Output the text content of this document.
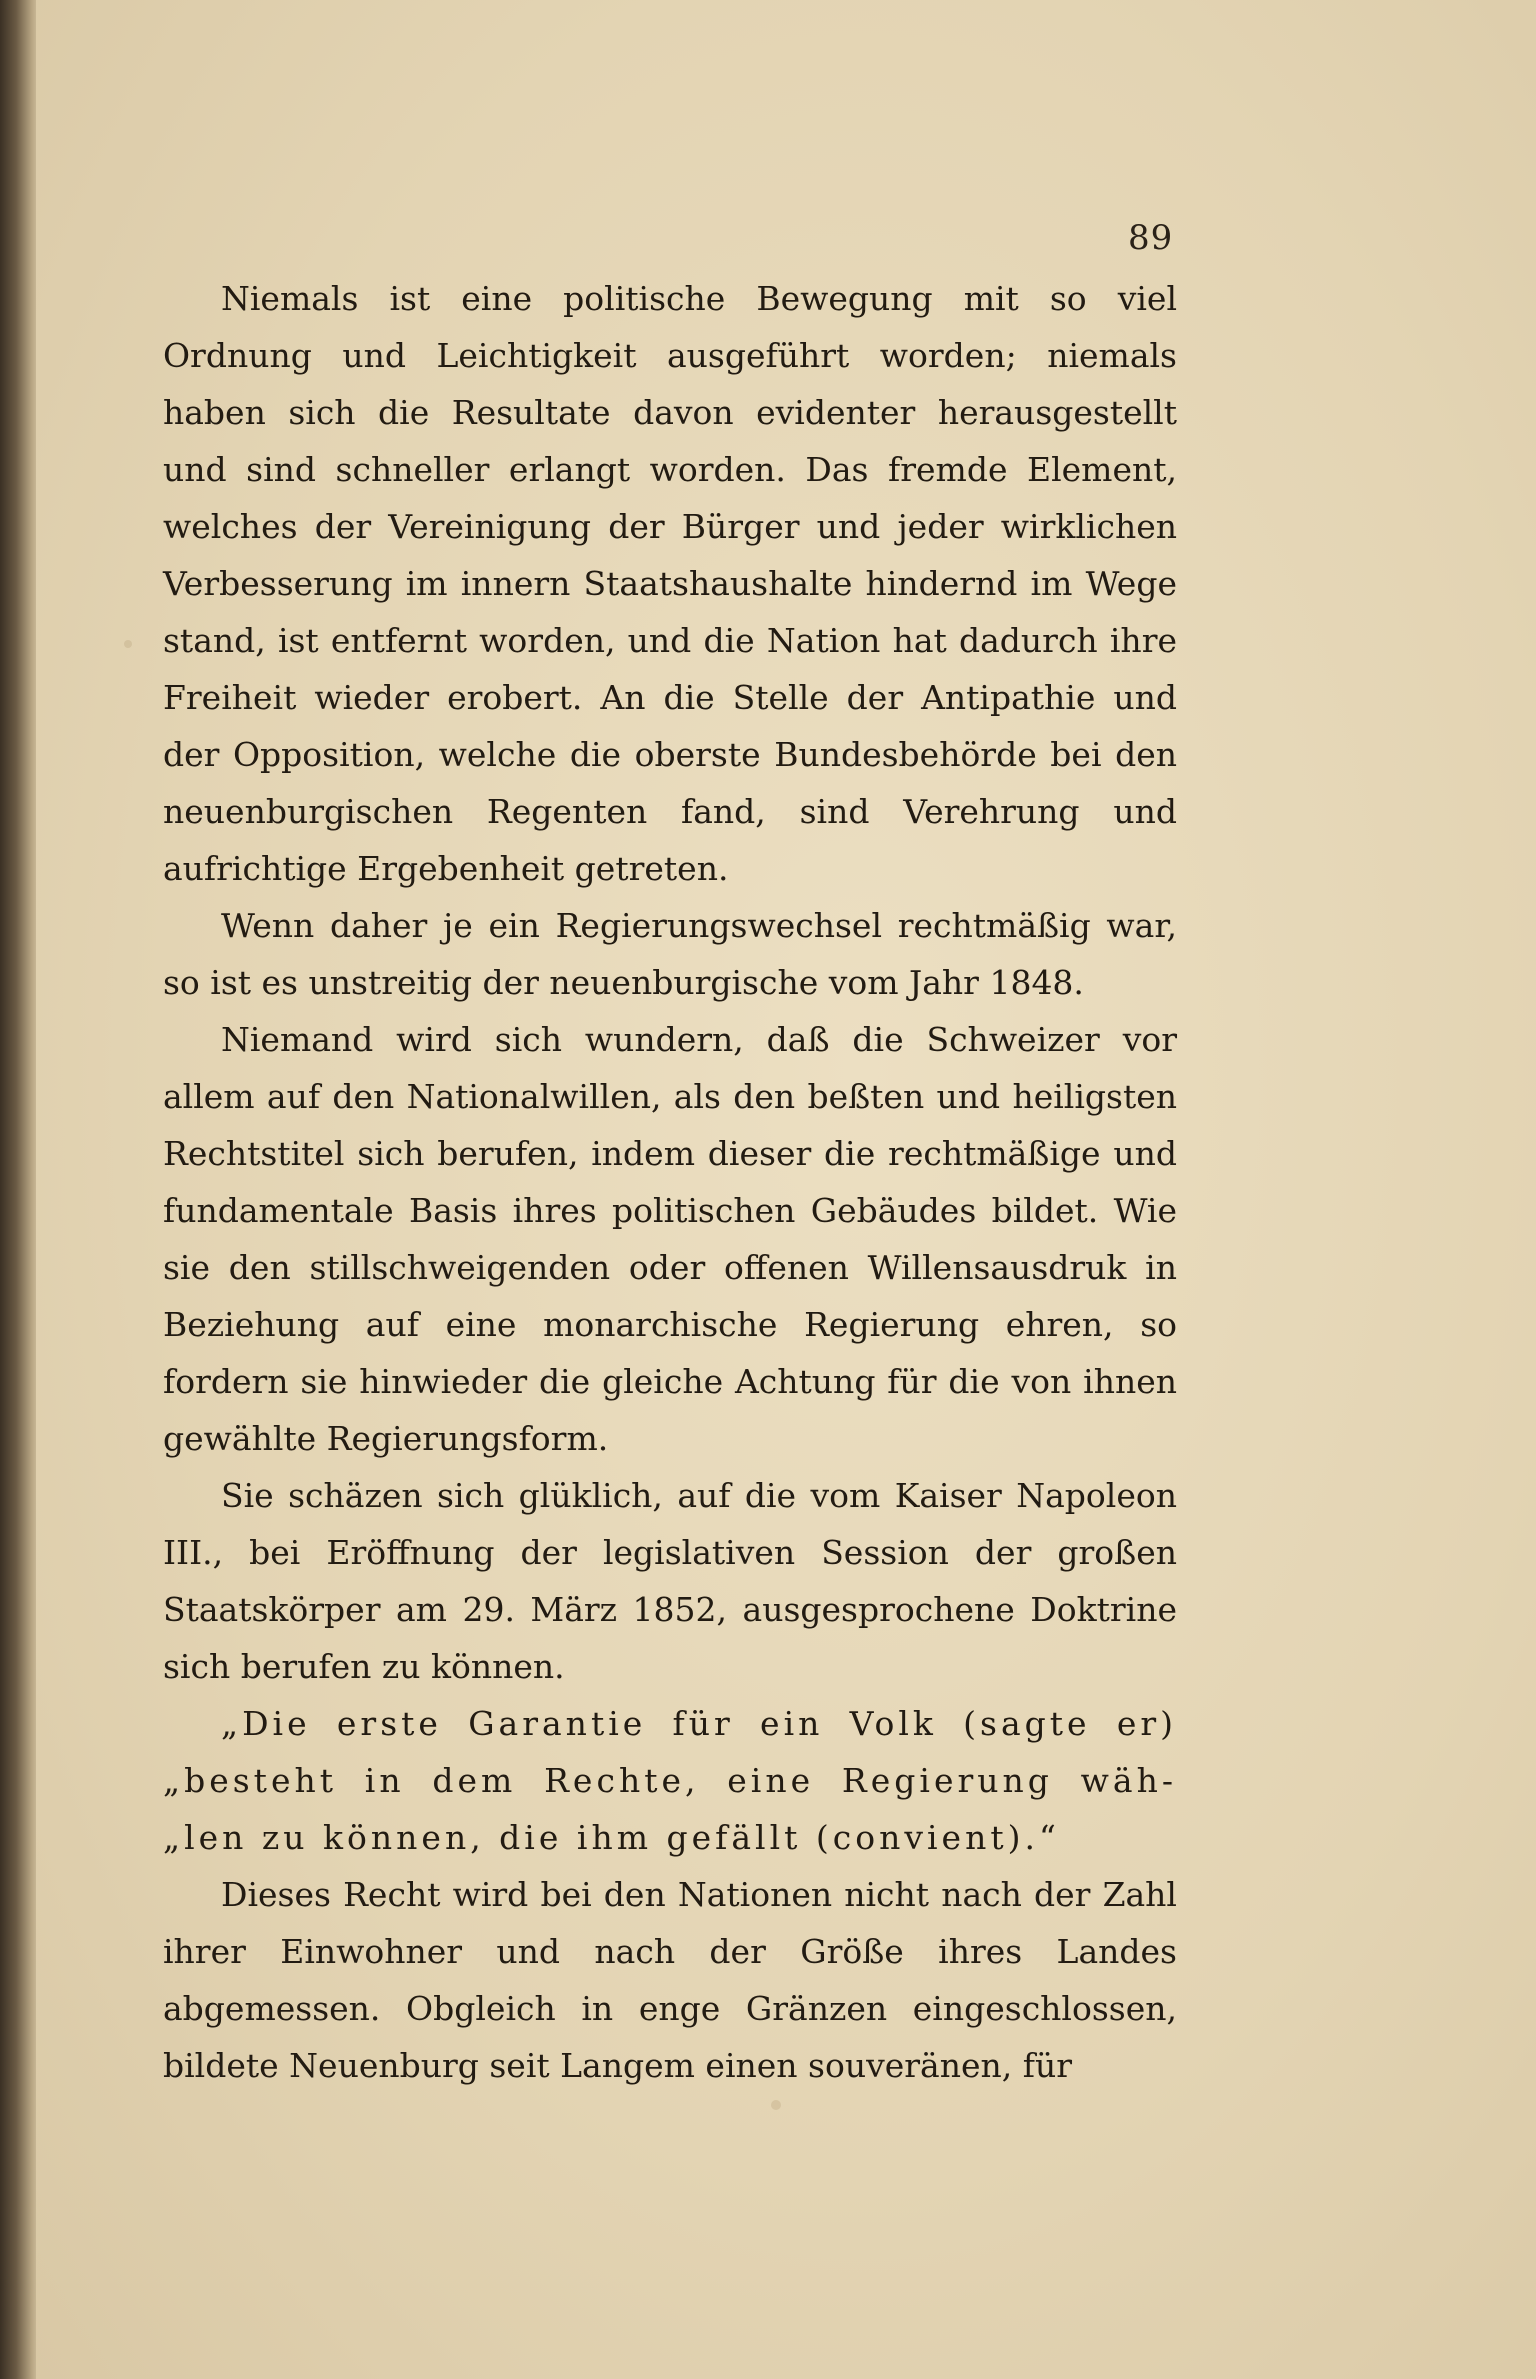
89

Niemals ist eine politische Bewegung mit so viel Ordnung und Leichtigkeit ausgeführt worden; niemals haben sich die Resultate davon evidenter herausgestellt und sind schneller erlangt worden. Das fremde Element, welches der Vereinigung der Bürger und jeder wirklichen Verbesserung im innern Staatshaushalte hindernd im Wege stand, ist entfernt worden, und die Nation hat dadurch ihre Freiheit wieder erobert. An die Stelle der Antipathie und der Opposition, welche die oberste Bundesbehörde bei den neuenburgischen Regenten fand, sind Verehrung und aufrichtige Ergebenheit getreten.

Wenn daher je ein Regierungswechsel rechtmäßig war, so ist es unstreitig der neuenburgische vom Jahr 1848.

Niemand wird sich wundern, daß die Schweizer vor allem auf den Nationalwillen, als den beßten und heiligsten Rechtstitel sich berufen, indem dieser die rechtmäßige und fundamentale Basis ihres politischen Gebäudes bildet. Wie sie den stillschweigenden oder offenen Willensausdruk in Beziehung auf eine monarchische Regierung ehren, so fordern sie hinwieder die gleiche Achtung für die von ihnen gewählte Regierungsform.

Sie schäzen sich glüklich, auf die vom Kaiser Napoleon III., bei Eröffnung der legislativen Session der großen Staatskörper am 29. März 1852, ausgesprochene Doktrine sich berufen zu können.

„Die erste Garantie für ein Volk (sagte er) „besteht in dem Rechte, eine Regierung wäh- „len zu können, die ihm gefällt (convient).“

Dieses Recht wird bei den Nationen nicht nach der Zahl ihrer Einwohner und nach der Größe ihres Landes abgemessen. Obgleich in enge Gränzen eingeschlossen, bildete Neuenburg seit Langem einen souveränen, für
